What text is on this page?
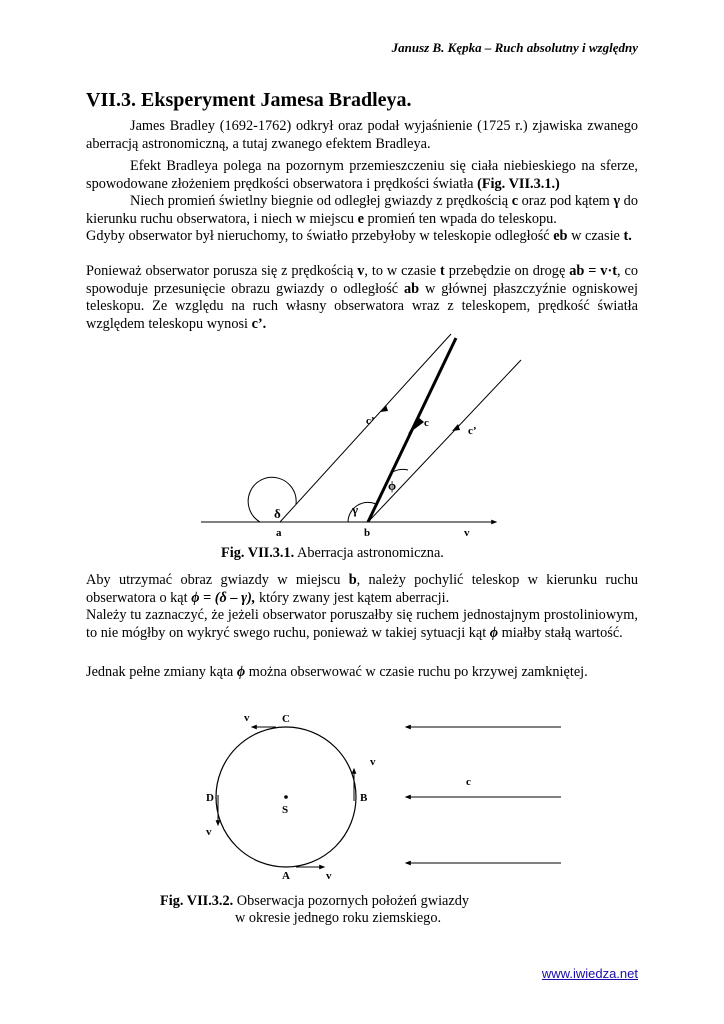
Janusz B. Kępka – Ruch absolutny i względny
VII.3. Eksperyment Jamesa Bradleya.
James Bradley (1692-1762) odkrył oraz podał wyjaśnienie (1725 r.) zjawiska zwanego aberracją astronomiczną, a tutaj zwanego efektem Bradleya.
Efekt Bradleya polega na pozornym przemieszczeniu się ciała niebieskiego na sferze, spowodowane złożeniem prędkości obserwatora i prędkości światła (Fig. VII.3.1.)
Niech promień świetlny biegnie od odległej gwiazdy z prędkością c oraz pod kątem γ do kierunku ruchu obserwatora, i niech w miejscu e promień ten wpada do teleskopu.
Gdyby obserwator był nieruchomy, to światło przebyłoby w teleskopie odległość eb w czasie t.
Ponieważ obserwator porusza się z prędkością v, to w czasie t przebędzie on drogę ab = v·t, co spowoduje przesunięcie obrazu gwiazdy o odległość ab w głównej płaszczyźnie ogniskowej teleskopu. Ze względu na ruch własny obserwatora wraz z teleskopem, prędkość światła względem teleskopu wynosi c’.
δ	γ
ϕ
a	b	v
c
c’
c’
Fig. VII.3.1. Aberracja astronomiczna.
Aby utrzymać obraz gwiazdy w miejscu b, należy pochylić teleskop w kierunku ruchu obserwatora o kąt ϕ = (δ – γ), który zwany jest kątem aberracji.
Należy tu zaznaczyć, że jeżeli obserwator poruszałby się ruchem jednostajnym prostoliniowym, to nie mógłby on wykryć swego ruchu, ponieważ w takiej sytuacji kąt ϕ miałby stałą wartość.
Jednak pełne zmiany kąta ϕ można obserwować w czasie ruchu po krzywej zamkniętej.
S
C
A
B
D
v
v
v
v
c
Fig. VII.3.2. Obserwacja pozornych położeń gwiazdy
w okresie jednego roku ziemskiego.
www.iwiedza.net
